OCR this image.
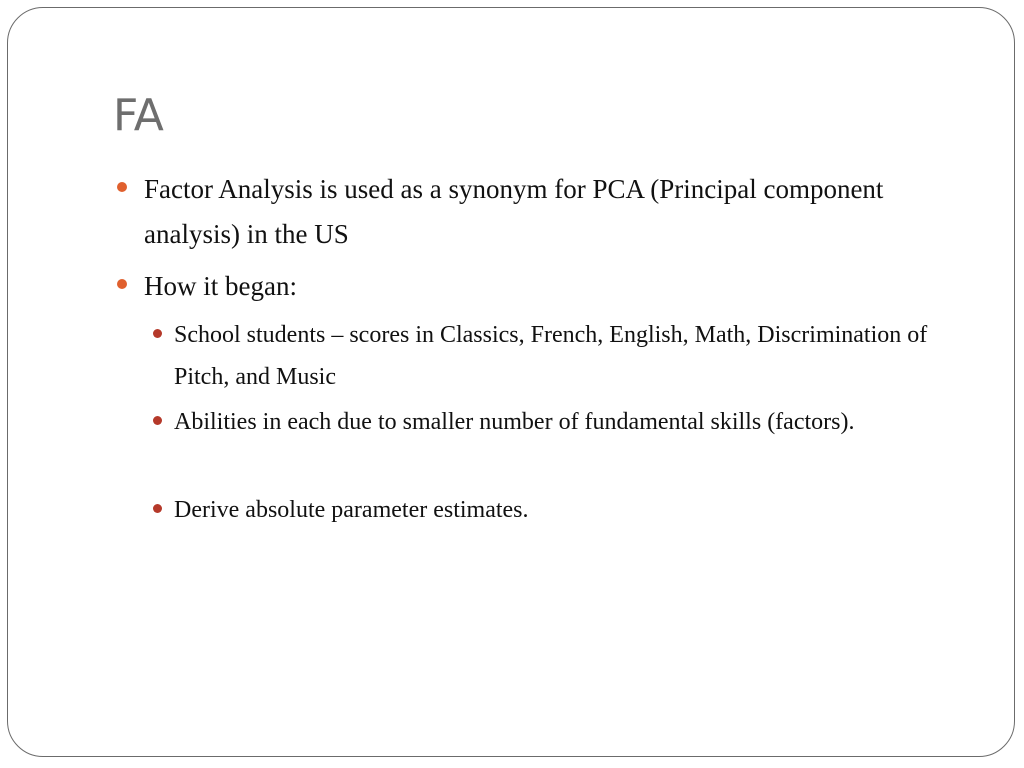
FA
Factor Analysis is used as a synonym for PCA (Principal component analysis) in the US
How it began:
School students – scores in Classics, French, English, Math, Discrimination of Pitch, and Music
Abilities in each due to smaller number of fundamental skills (factors).
Derive absolute parameter estimates.
